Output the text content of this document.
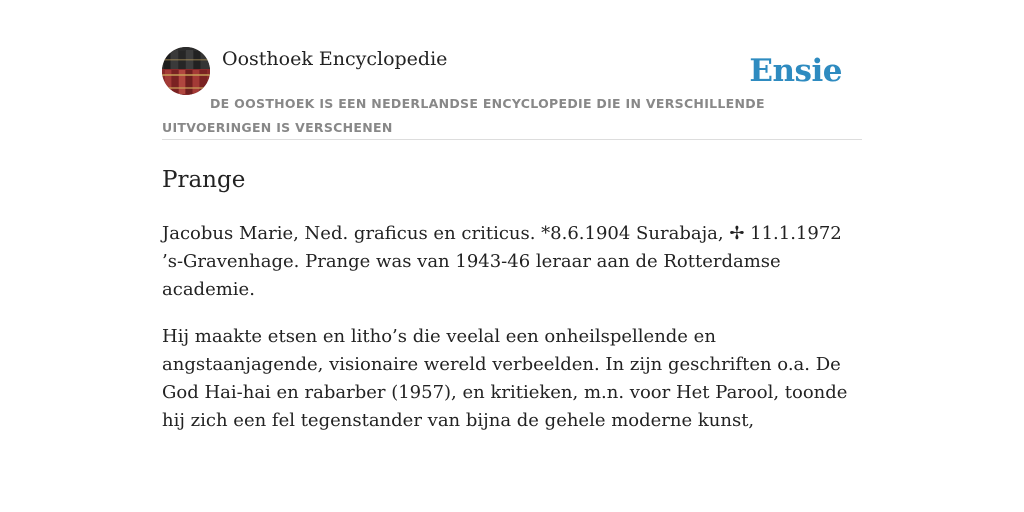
Oosthoek Encyclopedie	Ensie
DE OOSTHOEK IS EEN NEDERLANDSE ENCYCLOPEDIE DIE IN VERSCHILLENDE UITVOERINGEN IS VERSCHENEN
Prange

Jacobus Marie, Ned. graficus en criticus. *8.6.1904 Surabaja, ✢ 11.1.1972 ’s-Gravenhage. Prange was van 1943-46 leraar aan de Rotterdamse academie.

Hij maakte etsen en litho’s die veelal een onheilspellende en angstaanjagende, visionaire wereld verbeelden. In zijn geschriften o.a. De God Hai-hai en rabarber (1957), en kritieken, m.n. voor Het Parool, toonde hij zich een fel tegenstander van bijna de gehele moderne kunst,
